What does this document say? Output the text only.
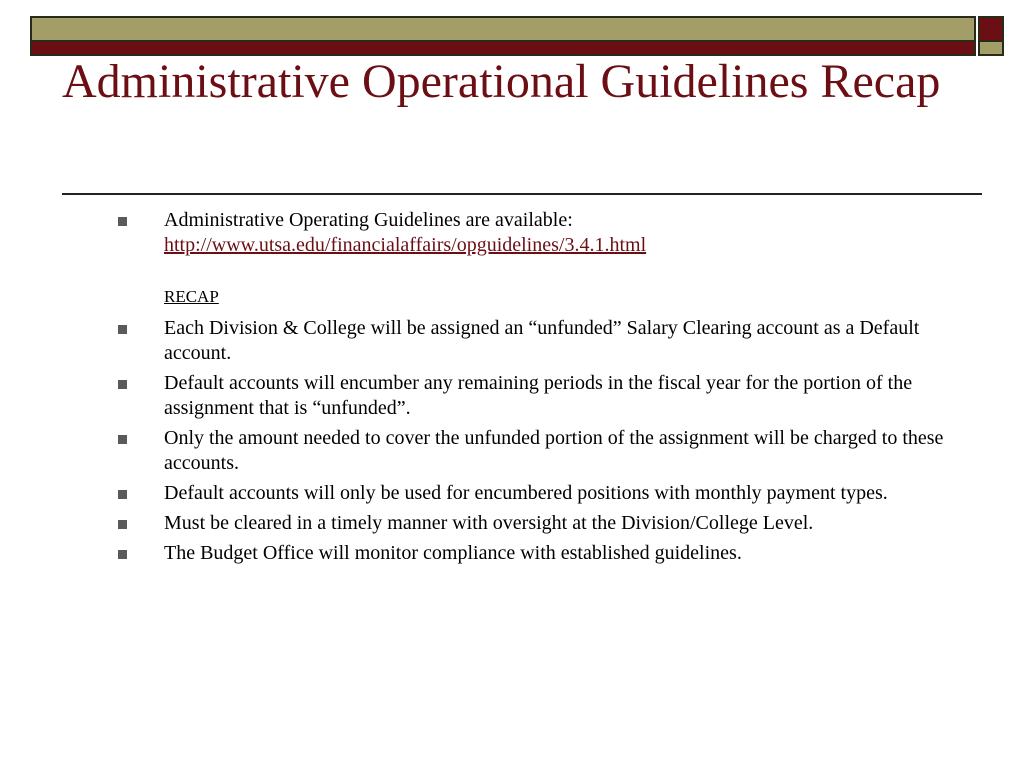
Administrative Operational Guidelines Recap
Administrative Operating Guidelines are available:
http://www.utsa.edu/financialaffairs/opguidelines/3.4.1.html
RECAP
Each Division & College will be assigned an “unfunded” Salary Clearing account as a Default account.
Default accounts will encumber any remaining periods in the fiscal year for the portion of the assignment that is “unfunded”.
Only the amount needed to cover the unfunded portion of the assignment will be charged to these accounts.
Default accounts will only be used for encumbered positions with monthly payment types.
Must be cleared in a timely manner with oversight at the Division/College Level.
The Budget Office will monitor compliance with established guidelines.
